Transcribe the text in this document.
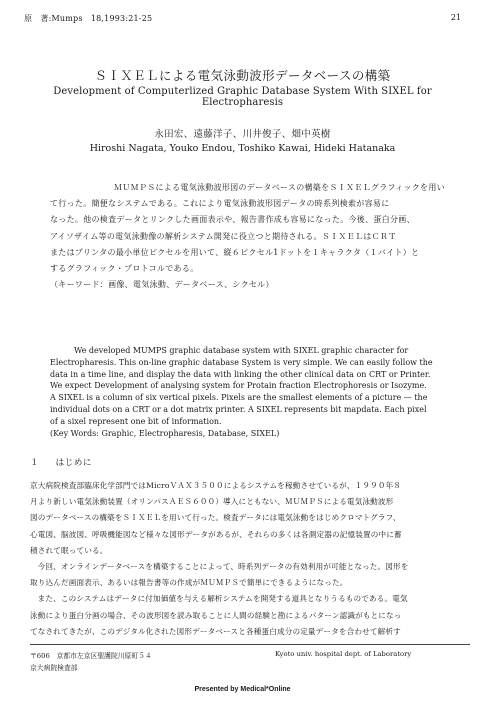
原　著:Mumps　18,1993:21-25	21
ＳＩＸＥＬによる電気泳動波形データベースの構築
Development of Computerlized Graphic Database System With SIXEL for Electropharesis
永田宏、遠藤洋子、川井俊子、畑中英樹
Hiroshi Nagata, Youko Endou, Toshiko Kawai, Hideki Hatanaka
ＭＵＭＰＳによる電気泳動波形図のデータベースの構築をＳＩＸＥＬグラフィックを用い
て行った。簡便なシステムである。これにより電気泳動波形図データの時系列検索が容易に
なった。他の検査データとリンクした画面表示や、報告書作成も容易になった。今後、蛋白分画、
アイソザイム等の電気泳動像の解析システム開発に役立つと期待される。ＳＩＸＥＬはＣＲＴ
またはプリンタの最小単位ピクセルを用いて、縦６ピクセル1ドットを１キャラクタ（１バイト）と
するグラフィック・プロトコルである。
（キーワード：画像、電気泳動、データベース、シクセル）
We developed MUMPS graphic database system with SIXEL graphic character for
Electropharesis. This on-line graphic database System is very simple. We can easily follow the
data in a time line, and display the data with linking the other clinical data on CRT or Printer.
We expect Development of analysing system for Protain fraction Electrophoresis or Isozyme.
A SIXEL is a column of six vertical pixels. Pixels are the smallest elements of a picture — the
individual dots on a CRT or a dot matrix printer. A SIXEL represents bit mapdata. Each pixel
of a sixel represent one bit of information.
(Key Words: Graphic, Electropharesis, Database, SIXEL)
１ はじめに
京大病院検査部臨床化学部門ではMicroＶＡＸ３５００によるシステムを稼動させているが、１９９０年８
月より新しい電気泳動装置（オリンパスＡＥＳ６００）導入にともない、ＭＵＭＰＳによる電気泳動波形
図のデータベースの構築をＳＩＸＥＬを用いて行った。検査データには電気泳動をはじめクロマトグラフ、
心電図、脳波図、呼吸機能図など様々な図形データがあるが、それらの多くは各測定器の記憶装置の中に蓄
積されて眠っている。
今回、オンラインデータベースを構築することによって、時系列データの有効利用が可能となった。図形を
取り込んだ画面表示、あるいは報告書等の作成がＭＵＭＰＳで簡単にできるようになった。
また、このシステムはデータに付加価値を与える解析システムを開発する道具となりうるものである。電気
泳動により蛋白分画の場合、その波形図を読み取ることに人間の経験と勘によるパターン認識がもとになっ
てなされてきたが、このデジタル化された図形データベースと各種蛋白成分の定量データを合わせて解析す
〒606　京都市左京区聖護院川原町５４
京大病院検査部
Kyoto univ. hospital dept. of Laboratory
Presented by Medical*Online
